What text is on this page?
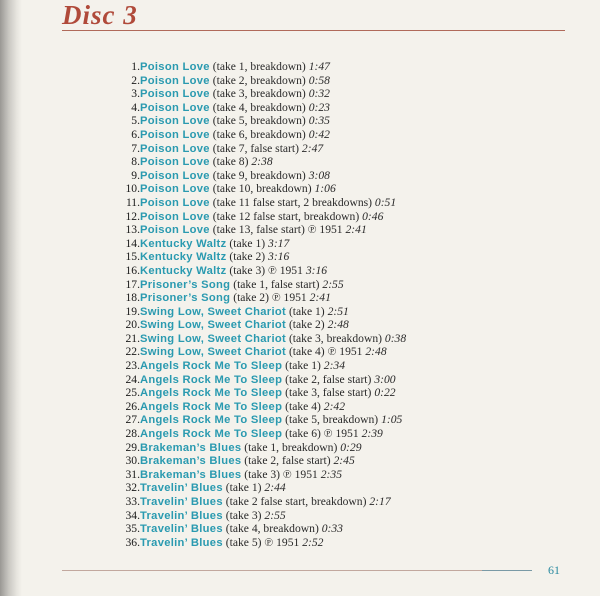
Disc 3
1.Poison Love (take 1, breakdown) 1:47
2.Poison Love (take 2, breakdown) 0:58
3.Poison Love (take 3, breakdown) 0:32
4.Poison Love (take 4, breakdown) 0:23
5.Poison Love (take 5, breakdown) 0:35
6.Poison Love (take 6, breakdown) 0:42
7.Poison Love (take 7, false start) 2:47
8.Poison Love (take 8) 2:38
9.Poison Love (take 9, breakdown) 3:08
10.Poison Love (take 10, breakdown) 1:06
11.Poison Love (take 11 false start, 2 breakdowns) 0:51
12.Poison Love (take 12 false start, breakdown) 0:46
13.Poison Love (take 13, false start) ℗ 1951 2:41
14.Kentucky Waltz (take 1) 3:17
15.Kentucky Waltz (take 2) 3:16
16.Kentucky Waltz (take 3) ℗ 1951 3:16
17.Prisoner’s Song (take 1, false start) 2:55
18.Prisoner’s Song (take 2) ℗ 1951 2:41
19.Swing Low, Sweet Chariot (take 1) 2:51
20.Swing Low, Sweet Chariot (take 2) 2:48
21.Swing Low, Sweet Chariot (take 3, breakdown) 0:38
22.Swing Low, Sweet Chariot (take 4) ℗ 1951 2:48
23.Angels Rock Me To Sleep (take 1) 2:34
24.Angels Rock Me To Sleep (take 2, false start) 3:00
25.Angels Rock Me To Sleep (take 3, false start) 0:22
26.Angels Rock Me To Sleep (take 4) 2:42
27.Angels Rock Me To Sleep (take 5, breakdown) 1:05
28.Angels Rock Me To Sleep (take 6) ℗ 1951 2:39
29.Brakeman’s Blues (take 1, breakdown) 0:29
30.Brakeman’s Blues (take 2, false start) 2:45
31.Brakeman’s Blues (take 3) ℗ 1951 2:35
32.Travelin’ Blues (take 1) 2:44
33.Travelin’ Blues (take 2 false start, breakdown) 2:17
34.Travelin’ Blues (take 3) 2:55
35.Travelin’ Blues (take 4, breakdown) 0:33
36.Travelin’ Blues (take 5) ℗ 1951 2:52
61
